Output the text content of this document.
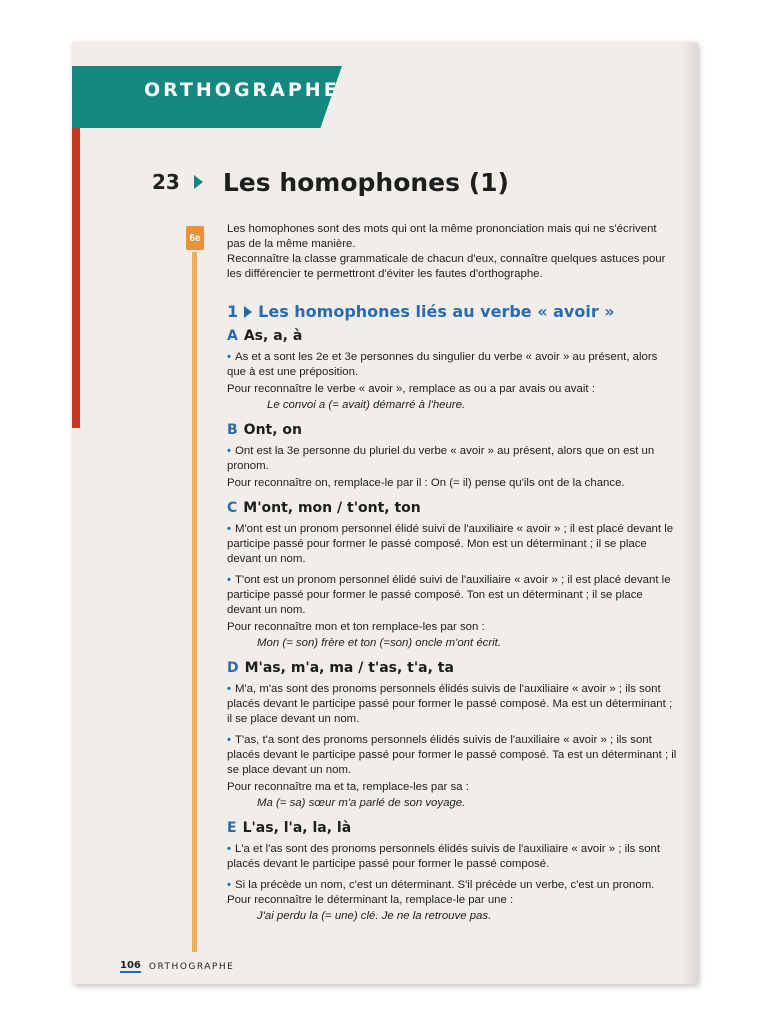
ORTHOGRAPHE
23 Les homophones (1)
6e

Les homophones sont des mots qui ont la même prononciation mais qui ne s'écrivent pas de la même manière.

Reconnaître la classe grammaticale de chacun d'eux, connaître quelques astuces pour les différencier te permettront d'éviter les fautes d'orthographe.

1 Les homophones liés au verbe « avoir »
A As, a, à

• As et a sont les 2e et 3e personnes du singulier du verbe « avoir » au présent, alors que à est une préposition.

Pour reconnaître le verbe « avoir », remplace as ou a par avais ou avait :

Le convoi a (= avait) démarré à l'heure.

B Ont, on

• Ont est la 3e personne du pluriel du verbe « avoir » au présent, alors que on est un pronom.

Pour reconnaître on, remplace-le par il : On (= il) pense qu'ils ont de la chance.

C M'ont, mon / t'ont, ton

• M'ont est un pronom personnel élidé suivi de l'auxiliaire « avoir » ; il est placé devant le participe passé pour former le passé composé. Mon est un déterminant ; il se place devant un nom.

• T'ont est un pronom personnel élidé suivi de l'auxiliaire « avoir » ; il est placé devant le participe passé pour former le passé composé. Ton est un déterminant ; il se place devant un nom.

Pour reconnaître mon et ton remplace-les par son :

Mon (= son) frère et ton (=son) oncle m'ont écrit.

D M'as, m'a, ma / t'as, t'a, ta

• M'a, m'as sont des pronoms personnels élidés suivis de l'auxiliaire « avoir » ; ils sont placés devant le participe passé pour former le passé composé. Ma est un déterminant ; il se place devant un nom.

• T'as, t'a sont des pronoms personnels élidés suivis de l'auxiliaire « avoir » ; ils sont placés devant le participe passé pour former le passé composé. Ta est un déterminant ; il se place devant un nom.

Pour reconnaître ma et ta, remplace-les par sa :

Ma (= sa) sœur m'a parlé de son voyage.

E L'as, l'a, la, là

• L'a et l'as sont des pronoms personnels élidés suivis de l'auxiliaire « avoir » ; ils sont placés devant le participe passé pour former le passé composé.

• Si la précède un nom, c'est un déterminant. S'il précède un verbe, c'est un pronom.

Pour reconnaître le déterminant la, remplace-le par une :

J'ai perdu la (= une) clé. Je ne la retrouve pas.

106 ORTHOGRAPHE
